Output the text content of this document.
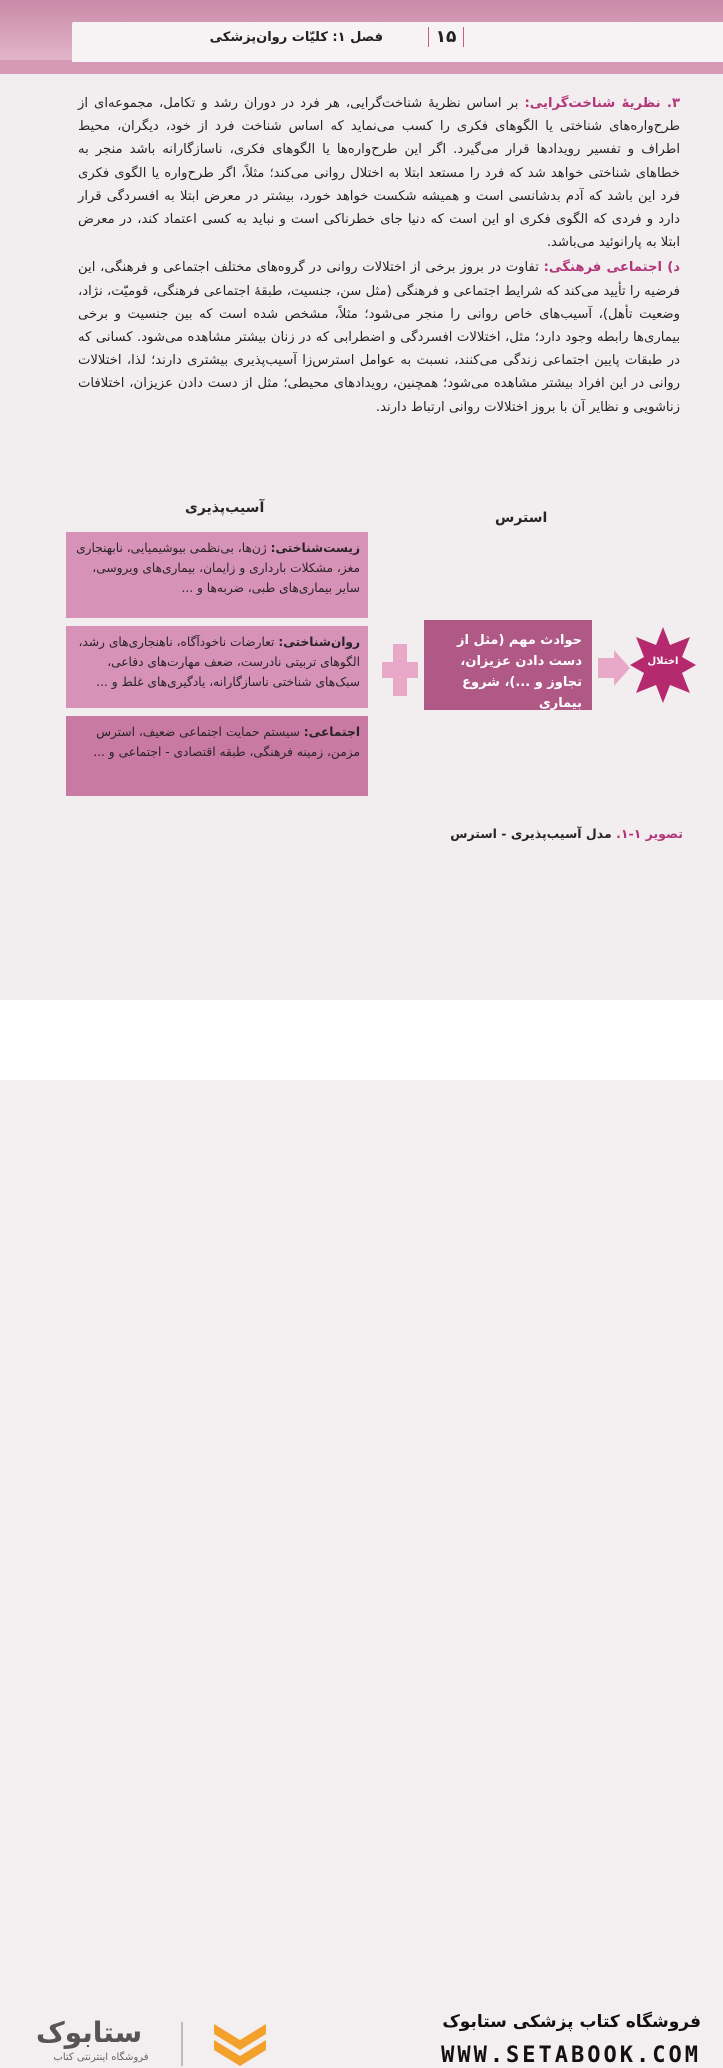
فصل ۱: کلیّات روان‌پزشکی	۱۵

۳. نظریهٔ شناخت‌گرایی: بر اساس نظریهٔ شناخت‌گرایی، هر فرد در دوران رشد و تکامل، مجموعه‌ای از طرح‌واره‌های شناختی یا الگوهای فکری را کسب می‌نماید که اساس شناخت فرد از خود، دیگران، محیط اطراف و تفسیر رویدادها قرار می‌گیرد. اگر این طرح‌واره‌ها یا الگوهای فکری، ناسازگارانه باشد منجر به خطاهای شناختی خواهد شد که فرد را مستعد ابتلا به اختلال روانی می‌کند؛ مثلاً، اگر طرح‌واره یا الگوی فکری فرد این باشد که آدم بدشانسی است و همیشه شکست خواهد خورد، بیشتر در معرض ابتلا به افسردگی قرار دارد و فردی که الگوی فکری او این است که دنیا جای خطرناکی است و نباید به کسی اعتماد کند، در معرض ابتلا به پارانوئید می‌باشد.

د) اجتماعی فرهنگی: تفاوت در بروز برخی از اختلالات روانی در گروه‌های مختلف اجتماعی و فرهنگی، این فرضیه را تأیید می‌کند که شرایط اجتماعی و فرهنگی (مثل سن، جنسیت، طبقهٔ اجتماعی فرهنگی، قومیّت، نژاد، وضعیت تأهل)، آسیب‌های خاص روانی را منجر می‌شود؛ مثلاً، مشخص شده است که بین جنسیت و برخی بیماری‌ها رابطه وجود دارد؛ مثل، اختلالات افسردگی و اضطرابی که در زنان بیشتر مشاهده می‌شود. کسانی که در طبقات پایین اجتماعی زندگی می‌کنند، نسبت به عوامل استرس‌زا آسیب‌پذیری بیشتری دارند؛ لذا، اختلالات روانی در این افراد بیشتر مشاهده می‌شود؛ همچنین، رویدادهای محیطی؛ مثل از دست دادن عزیزان، اختلافات زناشویی و نظایر آن با بروز اختلالات روانی ارتباط دارند.

آسیب‌پذیری
استرس
زیست‌شناختی: ژن‌ها، بی‌نظمی بیوشیمیایی، نابهنجاری مغز، مشکلات بارداری و زایمان، بیماری‌های ویروسی، سایر بیماری‌های طبی، ضربه‌ها و ...
روان‌شناختی: تعارضات ناخودآگاه، ناهنجاری‌های رشد، الگوهای تربیتی نادرست، ضعف مهارت‌های دفاعی، سبک‌های شناختی ناسازگارانه، یادگیری‌های غلط و ...
اجتماعی: سیستم حمایت اجتماعی ضعیف، استرس مزمن، زمینه فرهنگی، طبقه اقتصادی - اجتماعی و ...
حوادث مهم (مثل از دست دادن عزیزان، تجاوز و ...)، شروع بیماری
اختلال
تصویر ۱-۱. مدل آسیب‌پذیری - استرس
فروشگاه کتاب پزشکی ستابوک
WWW.SETABOOK.COM
ستابوک
فروشگاه اینترنتی کتاب
